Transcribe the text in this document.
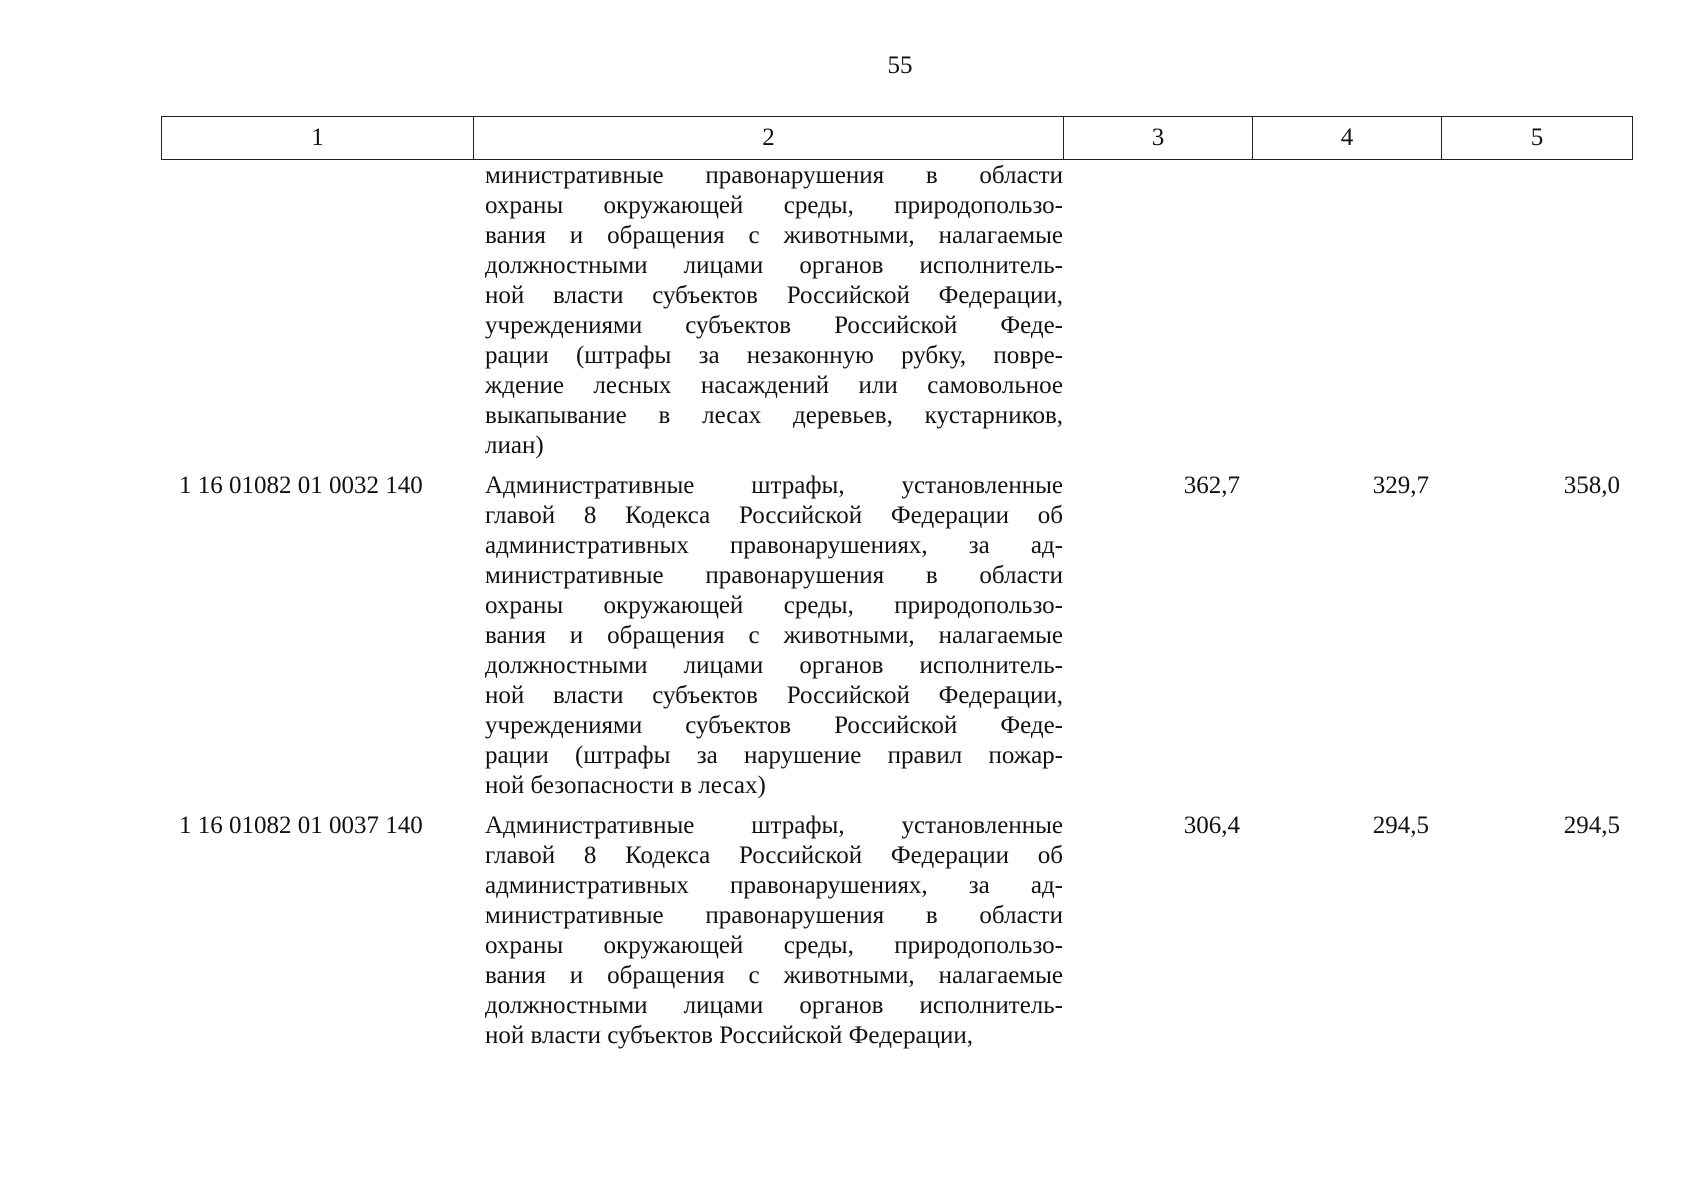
55
1	2	3	4	5
министративные правонарушения в области
охраны окружающей среды, природопользо-
вания и обращения с животными, налагаемые
должностными лицами органов исполнитель-
ной власти субъектов Российской Федерации,
учреждениями субъектов Российской Феде-
рации (штрафы за незаконную рубку, повре-
ждение лесных насаждений или самовольное
выкапывание в лесах деревьев, кустарников,
лиан)
1 16 01082 01 0032 140	Административные штрафы, установленные
главой 8 Кодекса Российской Федерации об
административных правонарушениях, за ад-
министративные правонарушения в области
охраны окружающей среды, природопользо-
вания и обращения с животными, налагаемые
должностными лицами органов исполнитель-
ной власти субъектов Российской Федерации,
учреждениями субъектов Российской Феде-
рации (штрафы за нарушение правил пожар-
ной безопасности в лесах)
362,7	329,7	358,0
1 16 01082 01 0037 140	Административные штрафы, установленные
главой 8 Кодекса Российской Федерации об
административных правонарушениях, за ад-
министративные правонарушения в области
охраны окружающей среды, природопользо-
вания и обращения с животными, налагаемые
должностными лицами органов исполнитель-
ной власти субъектов Российской Федерации,
306,4	294,5	294,5
